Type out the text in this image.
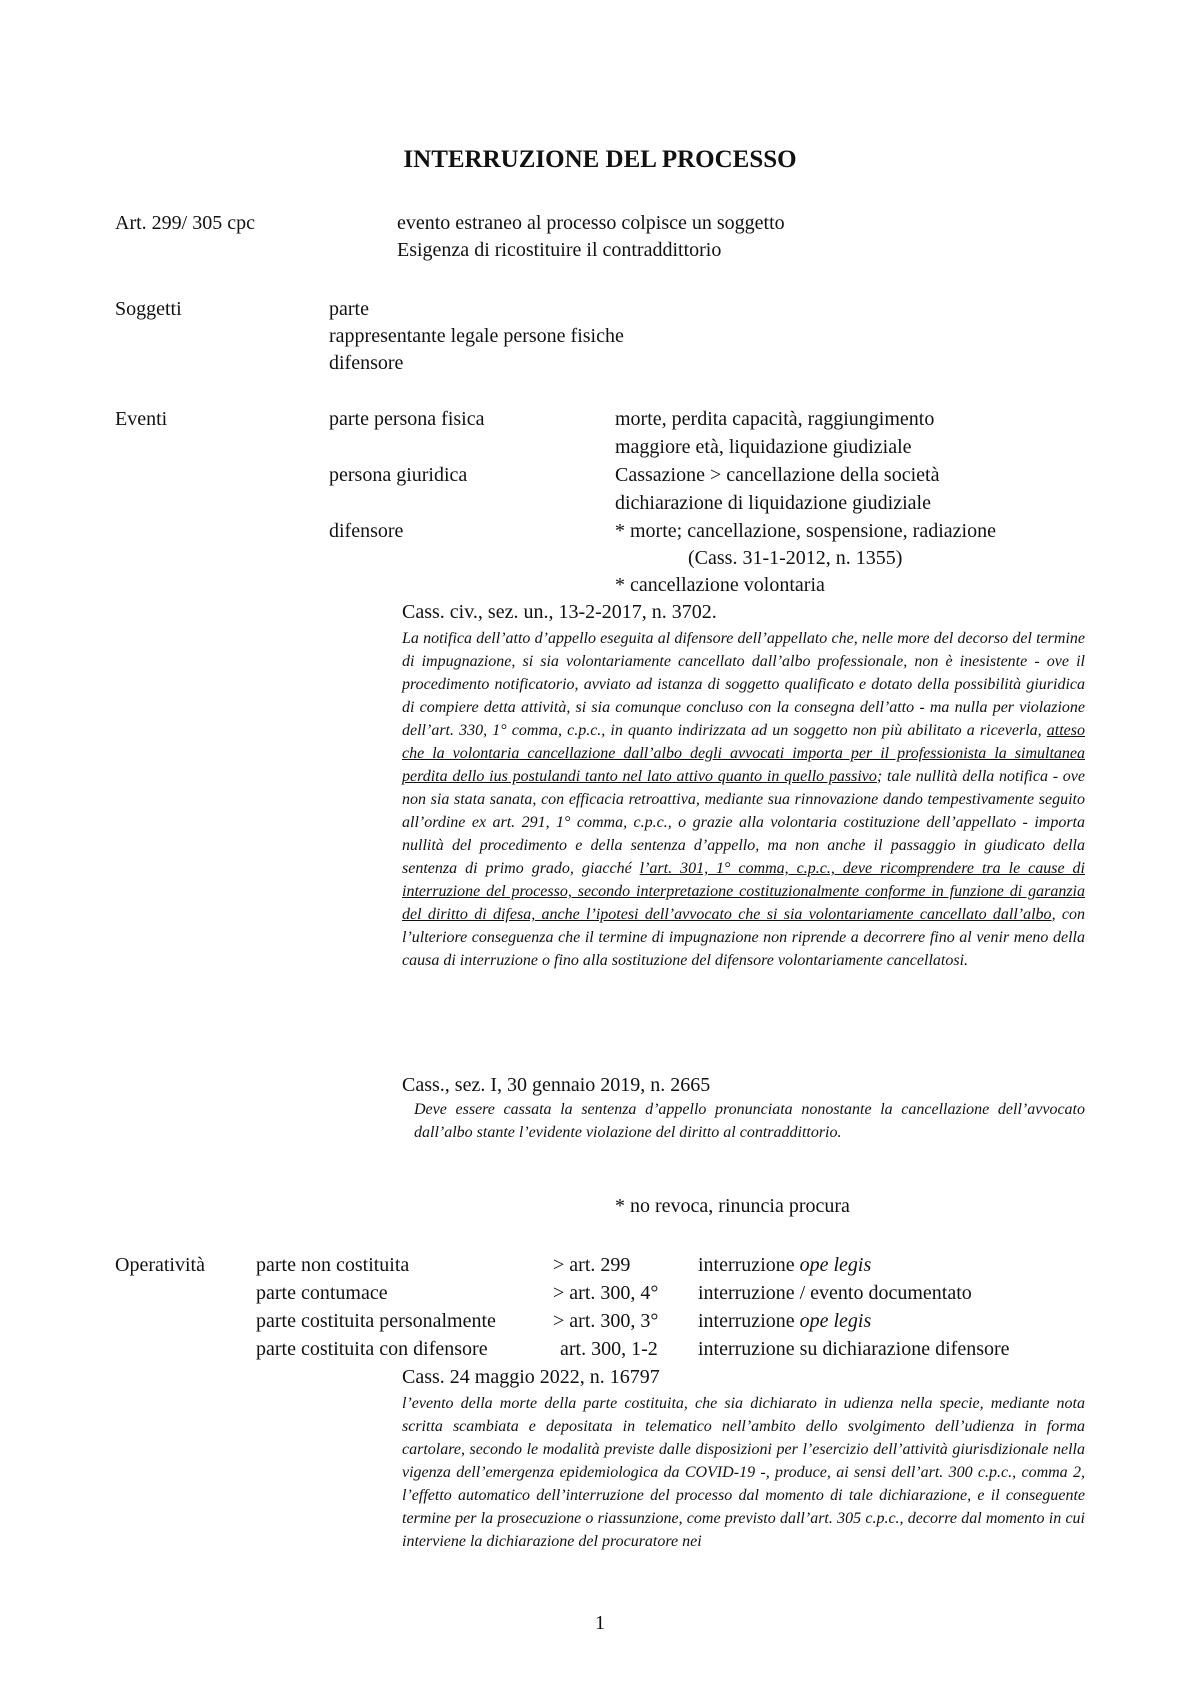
INTERRUZIONE DEL PROCESSO
Art. 299/ 305 cpc	evento estraneo al processo colpisce un soggetto
Esigenza di ricostituire il contraddittorio
Soggetti	parte
rappresentante legale persone fisiche
difensore
Eventi	parte persona fisica	morte, perdita capacità, raggiungimento
maggiore età, liquidazione giudiziale
persona giuridica	Cassazione > cancellazione della società
dichiarazione di liquidazione giudiziale
difensore	* morte; cancellazione, sospensione, radiazione
(Cass. 31-1-2012, n. 1355)
* cancellazione volontaria
Cass. civ., sez. un., 13-2-2017, n. 3702.

La notifica dell’atto d’appello eseguita al difensore dell’appellato che, nelle more del decorso del termine di impugnazione, si sia volontariamente cancellato dall’albo professionale, non è inesistente - ove il procedimento notificatorio, avviato ad istanza di soggetto qualificato e dotato della possibilità giuridica di compiere detta attività, si sia comunque concluso con la consegna dell’atto - ma nulla per violazione dell’art. 330, 1° comma, c.p.c., in quanto indirizzata ad un soggetto non più abilitato a riceverla, atteso che la volontaria cancellazione dall’albo degli avvocati importa per il professionista la simultanea perdita dello ius postulandi tanto nel lato attivo quanto in quello passivo; tale nullità della notifica - ove non sia stata sanata, con efficacia retroattiva, mediante sua rinnovazione dando tempestivamente seguito all’ordine ex art. 291, 1° comma, c.p.c., o grazie alla volontaria costituzione dell’appellato - importa nullità del procedimento e della sentenza d’appello, ma non anche il passaggio in giudicato della sentenza di primo grado, giacché l’art. 301, 1° comma, c.p.c., deve ricomprendere tra le cause di interruzione del processo, secondo interpretazione costituzionalmente conforme in funzione di garanzia del diritto di difesa, anche l’ipotesi dell’avvocato che si sia volontariamente cancellato dall’albo, con l’ulteriore conseguenza che il termine di impugnazione non riprende a decorrere fino al venir meno della causa di interruzione o fino alla sostituzione del difensore volontariamente cancellatosi.

Cass., sez. I, 30 gennaio 2019, n. 2665

Deve essere cassata la sentenza d’appello pronunciata nonostante la cancellazione dell’avvocato dall’albo stante l’evidente violazione del diritto al contraddittorio.

* no revoca, rinuncia procura
Operatività	parte non costituita	> art. 299	interruzione ope legis
parte contumace	> art. 300, 4° interruzione / evento documentato
parte costituita personalmente	> art. 300, 3° interruzione ope legis
parte costituita con difensore	art. 300, 1-2 interruzione su dichiarazione difensore
Cass. 24 maggio 2022, n. 16797

l’evento della morte della parte costituita, che sia dichiarato in udienza nella specie, mediante nota scritta scambiata e depositata in telematico nell’ambito dello svolgimento dell’udienza in forma cartolare, secondo le modalità previste dalle disposizioni per l’esercizio dell’attività giurisdizionale nella vigenza dell’emergenza epidemiologica da COVID-19 -, produce, ai sensi dell’art. 300 c.p.c., comma 2, l’effetto automatico dell’interruzione del processo dal momento di tale dichiarazione, e il conseguente termine per la prosecuzione o riassunzione, come previsto dall’art. 305 c.p.c., decorre dal momento in cui interviene la dichiarazione del procuratore nei

1
